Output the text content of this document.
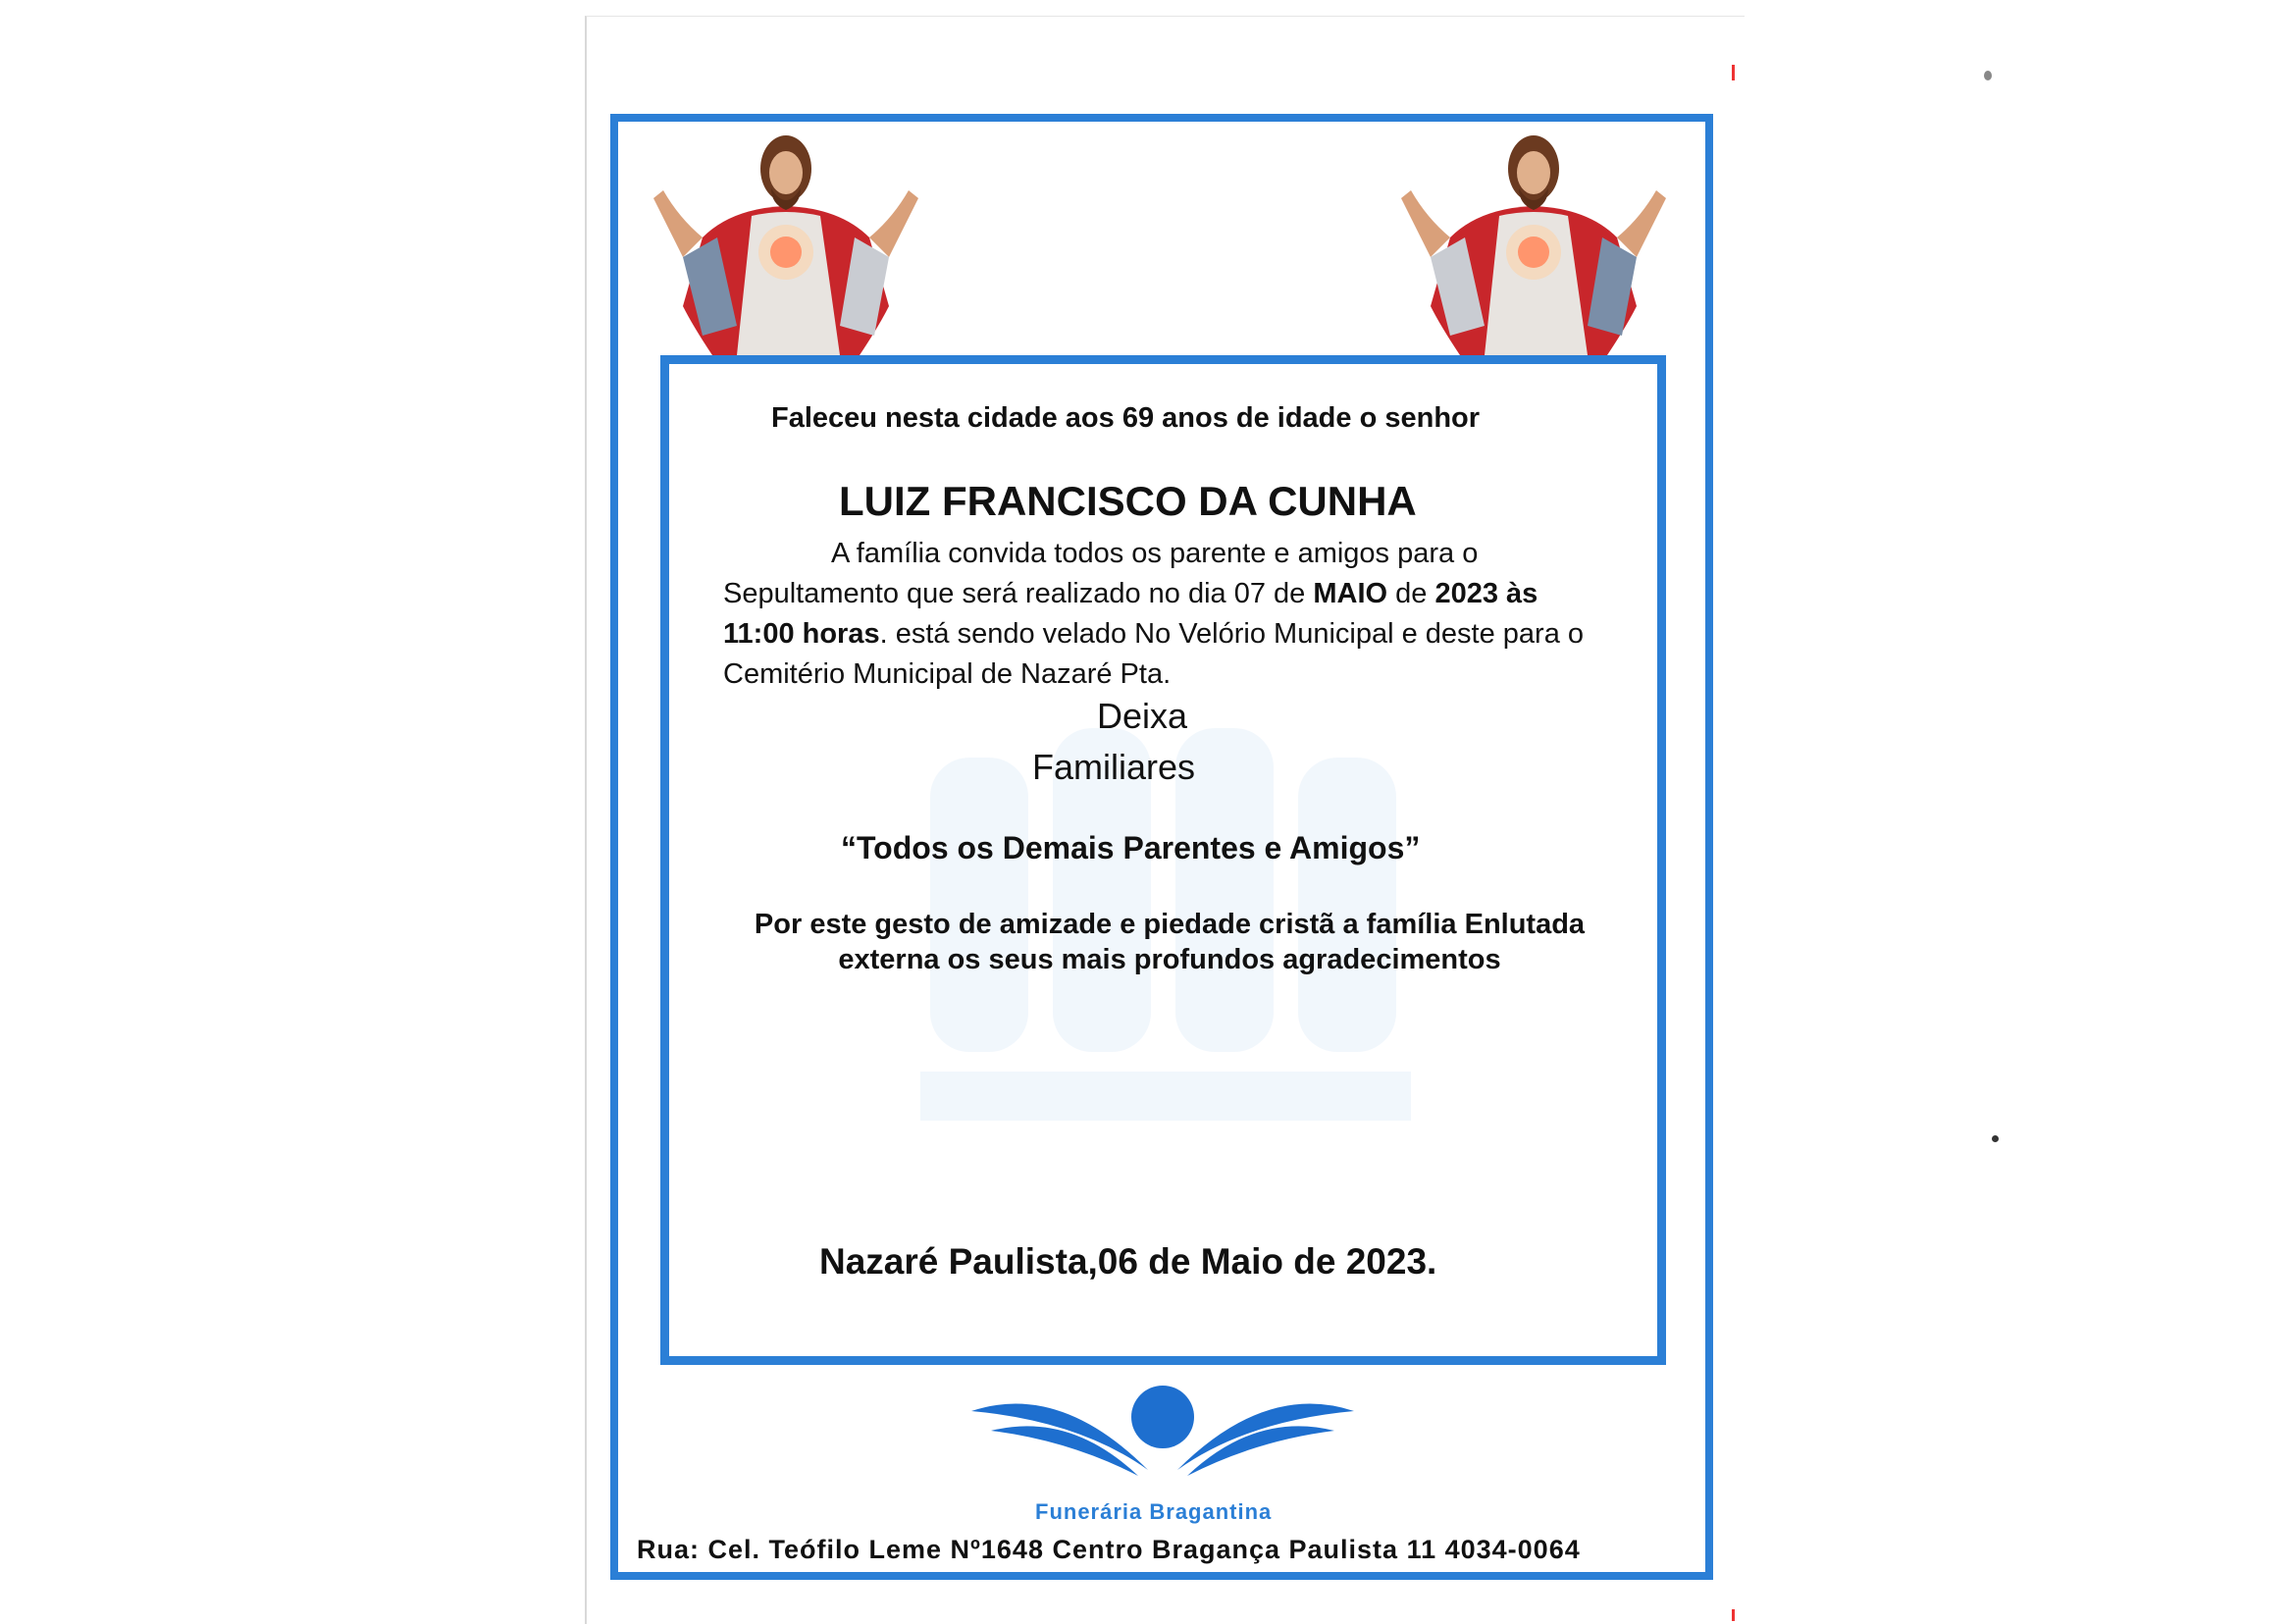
Faleceu nesta cidade aos 69 anos de idade o senhor
LUIZ FRANCISCO DA CUNHA
A família convida todos os parente e amigos para o Sepultamento que será realizado no dia 07 de MAIO de 2023 às 11:00 horas. está sendo velado No Velório Municipal e deste para o Cemitério Municipal de Nazaré Pta.
Deixa
Familiares
“Todos os Demais Parentes e Amigos”
Por este gesto de amizade e piedade cristã a família Enlutada externa os seus mais profundos agradecimentos
Nazaré Paulista,06 de Maio de 2023.
Funerária Bragantina
Rua: Cel. Teófilo Leme Nº1648 Centro Bragança Paulista 11 4034-0064
